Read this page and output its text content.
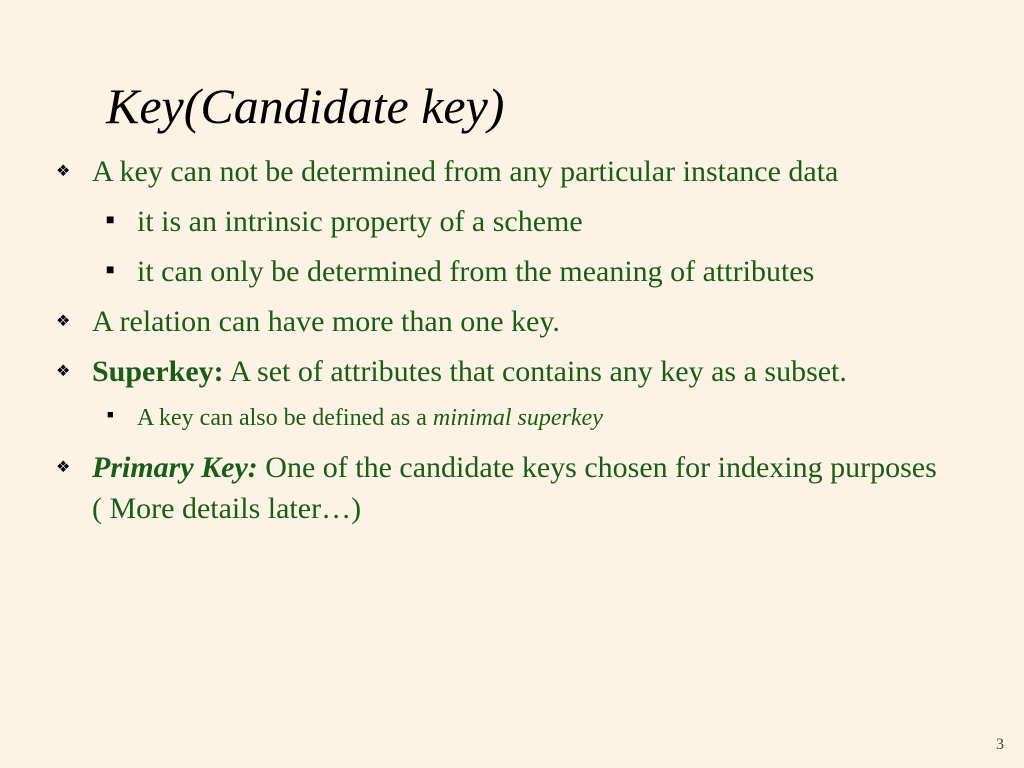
Key(Candidate key)
❖ A key can not be determined from any particular instance data
■ it is an intrinsic property of a scheme
■ it can only be determined from the meaning of attributes
❖ A relation can have more than one key.
❖ Superkey: A set of attributes that contains any key as a subset.
■ A key can also be defined as a minimal superkey
❖ Primary Key: One of the candidate keys chosen for indexing purposes ( More details later…)
3
